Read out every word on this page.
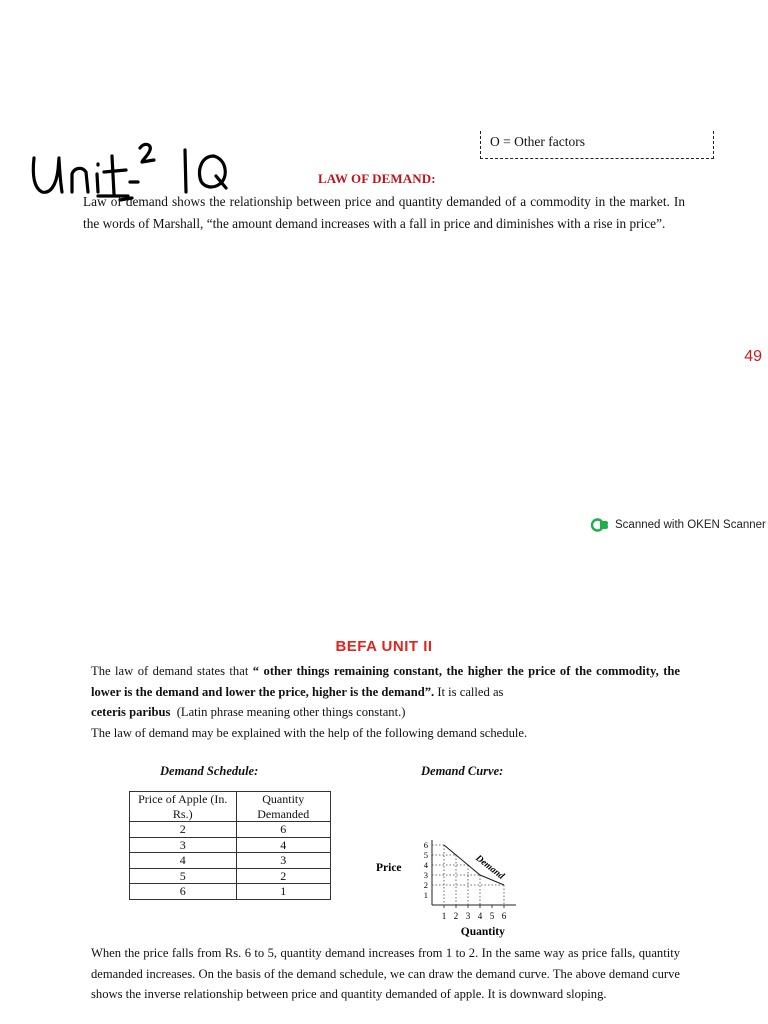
O = Other factors
LAW OF DEMAND:
Law of demand shows the relationship between price and quantity demanded of a commodity in the market. In the words of Marshall, “the amount demand increases with a fall in price and diminishes with a rise in price”.
49
Scanned with OKEN Scanner
BEFA UNIT II
The law of demand states that “ other things remaining constant, the higher the price of the commodity, the lower is the demand and lower the price, higher is the demand”. It is called as
ceteris paribus (Latin phrase meaning other things constant.)
The law of demand may be explained with the help of the following demand schedule.
Demand Schedule:	Demand Curve:
Price of Apple (In. Rs.)	Quantity Demanded
2	6
3	4
4	3
5	2
6	1
1 2 3 4 5 6
1
2
3
4
5
6
Price
Quantity
Demand
When the price falls from Rs. 6 to 5, quantity demand increases from 1 to 2. In the same way as price falls, quantity demanded increases. On the basis of the demand schedule, we can draw the demand curve. The above demand curve shows the inverse relationship between price and quantity demanded of apple. It is downward sloping.
